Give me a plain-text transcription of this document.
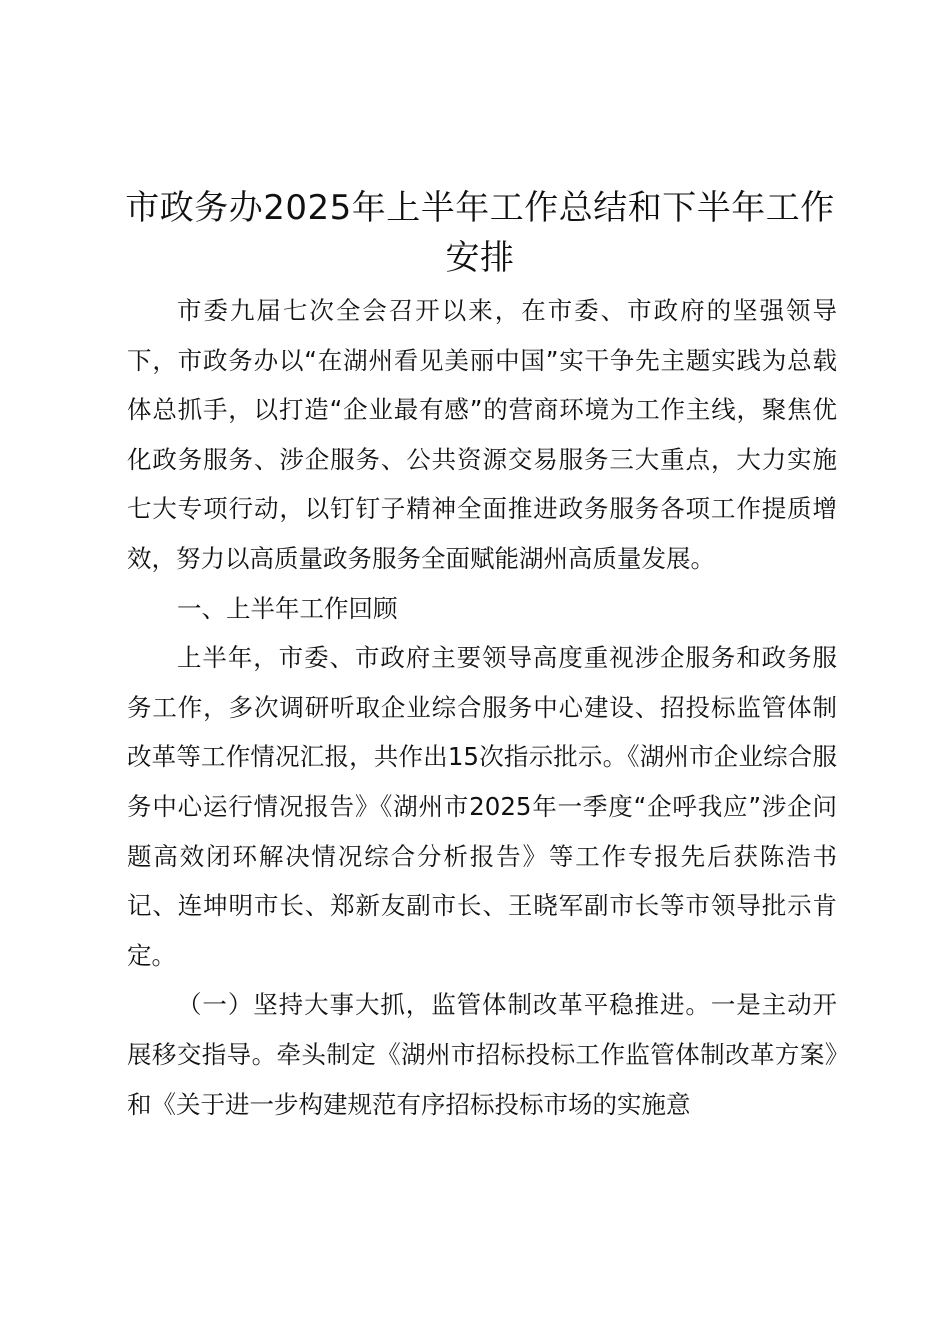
市政务办2025年上半年工作总结和下半年工作安排

市委九届七次全会召开以来，在市委、市政府的坚强领导下，市政务办以“在湖州看见美丽中国”实干争先主题实践为总载体总抓手，以打造“企业最有感”的营商环境为工作主线，聚焦优化政务服务、涉企服务、公共资源交易服务三大重点，大力实施七大专项行动，以钉钉子精神全面推进政务服务各项工作提质增效，努力以高质量政务服务全面赋能湖州高质量发展。

一、上半年工作回顾

上半年，市委、市政府主要领导高度重视涉企服务和政务服务工作，多次调研听取企业综合服务中心建设、招投标监管体制改革等工作情况汇报，共作出15次指示批示。《湖州市企业综合服务中心运行情况报告》《湖州市2025年一季度“企呼我应”涉企问题高效闭环解决情况综合分析报告》等工作专报先后获陈浩书记、连坤明市长、郑新友副市长、王晓军副市长等市领导批示肯定。

（一）坚持大事大抓，监管体制改革平稳推进。一是主动开展移交指导。牵头制定《湖州市招标投标工作监管体制改革方案》和《关于进一步构建规范有序招标投标市场的实施意
